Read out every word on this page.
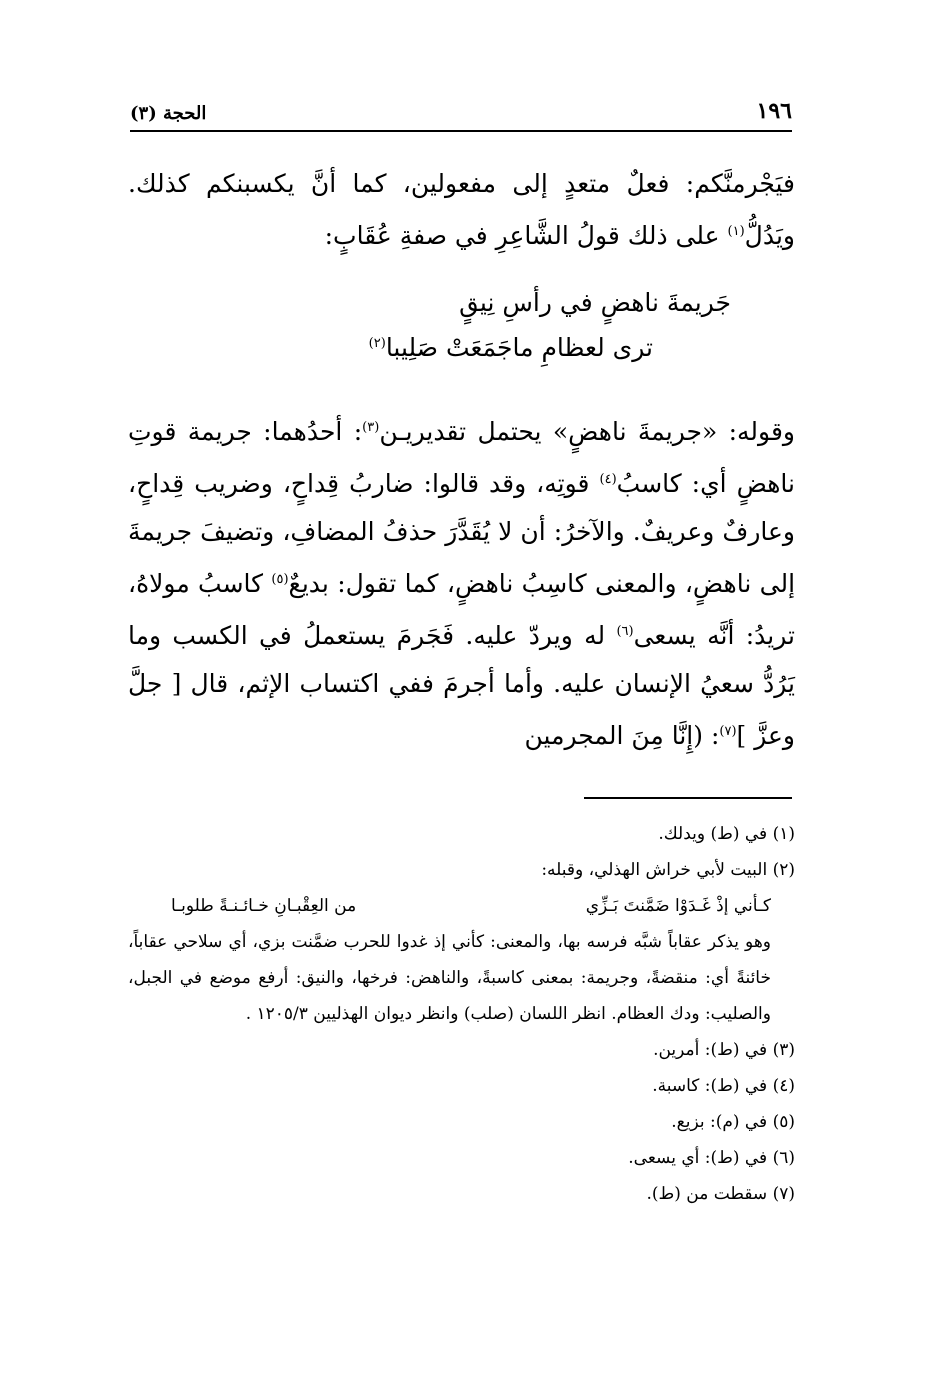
١٩٦
الحجة (٣)
فيَجْرمنَّكم: فعلٌ متعدٍ إلى مفعولين، كما أنَّ يكسبنكم كذلك. ويَدُلُّ$^{(١)}$ على ذلك قولُ الشَّاعِرِ في صفةِ عُقَابٍ:
جَريمةَ ناهضٍ في رأسِ نِيقٍ
ترى لعظامِ ماجَمَعَتْ صَلِيبا$^{(٢)}$
وقوله: «جريمةَ ناهضٍ» يحتمل تقديريـن$^{(٣)}$: أحدُهما: جريمة قوتِ ناهضٍ أي: كاسبُ$^{(٤)}$ قوتِه، وقد قالوا: ضاربُ قِداحٍ، وضريب قِداحٍ، وعارفٌ وعريفٌ. والآخرُ: أن لا يُقَدَّرَ حذفُ المضافِ، وتضيفَ جريمةَ إلى ناهضٍ، والمعنى كاسِبُ ناهضٍ، كما تقول: بديعٌ$^{(٥)}$ كاسبُ مولاهُ، تريدُ: أنَّه يسعى$^{(٦)}$ له ويردّ عليه. فَجَرمَ يستعملُ في الكسب وما يَرُدُّ سعيُ الإنسان عليه. وأما أجرمَ ففي اكتساب الإثم، قال [ جلَّ وعزَّ ]$^{(٧)}$: (إِنَّا مِنَ المجرمين

(١) في (ط) ويدلك.

(٢) البيت لأبي خراش الهذلي، وقبله:

كـأني إذْ غَـدَوْا ضَمَّنتَ بَـزِّي
من العِقْبـانِ خـائـنـةً طلوبـا

وهو يذكر عقاباً شبَّه فرسه بها، والمعنى: كأني إذ غدوا للحرب ضمَّنت بزي، أي سلاحي عقاباً، خائنةً أي: منقضةً، وجريمة: بمعنى كاسبةً، والناهض: فرخها، والنيق: أرفع موضع في الجبل، والصليب: ودك العظام. انظر اللسان (صلب) وانظر ديوان الهذليين ١٢٠٥/٣ .

(٣) في (ط): أمرين.

(٤) في (ط): كاسبة.

(٥) في (م): بزيع.

(٦) في (ط): أي يسعى.

(٧) سقطت من (ط).
